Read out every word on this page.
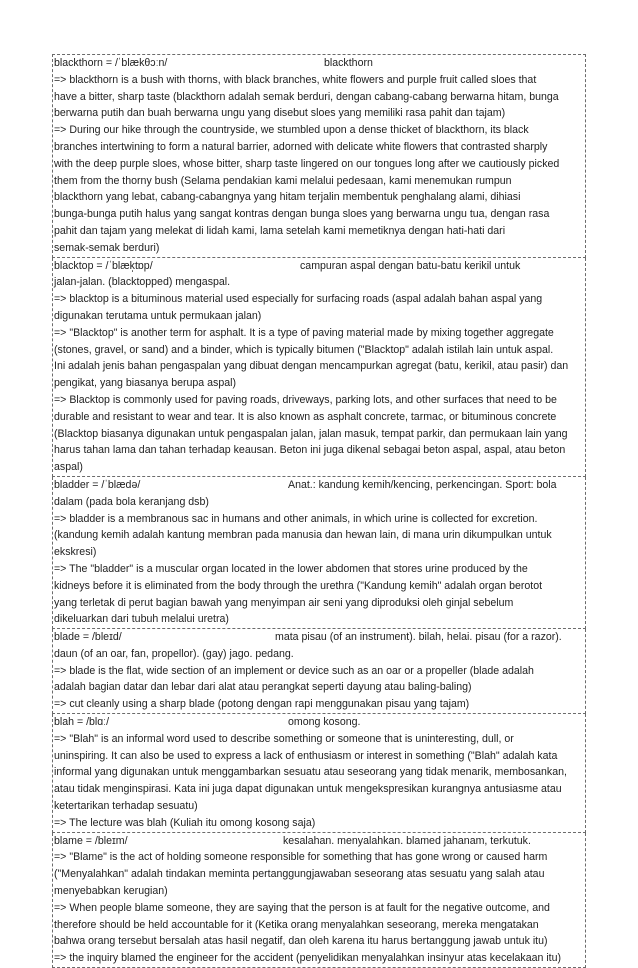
blackthorn = /ˈblækθɔːn/	blackthorn
=> blackthorn is a bush with thorns, with black branches, white flowers and purple fruit called sloes that
have a bitter, sharp taste (blackthorn adalah semak berduri, dengan cabang-cabang berwarna hitam, bunga
berwarna putih dan buah berwarna ungu yang disebut sloes yang memiliki rasa pahit dan tajam)
=> During our hike through the countryside, we stumbled upon a dense thicket of blackthorn, its black
branches intertwining to form a natural barrier, adorned with delicate white flowers that contrasted sharply
with the deep purple sloes, whose bitter, sharp taste lingered on our tongues long after we cautiously picked
them from the thorny bush (Selama pendakian kami melalui pedesaan, kami menemukan rumpun
blackthorn yang lebat, cabang-cabangnya yang hitam terjalin membentuk penghalang alami, dihiasi
bunga-bunga putih halus yang sangat kontras dengan bunga sloes yang berwarna ungu tua, dengan rasa
pahit dan tajam yang melekat di lidah kami, lama setelah kami memetiknya dengan hati-hati dari
semak-semak berduri)
blacktop = /ˈblæk̩tɒp/	campuran aspal dengan batu-batu kerikil untuk
jalan-jalan. (blacktopped) mengaspal.
=> blacktop is a bituminous material used especially for surfacing roads (aspal adalah bahan aspal yang
digunakan terutama untuk permukaan jalan)
=> "Blacktop" is another term for asphalt. It is a type of paving material made by mixing together aggregate
(stones, gravel, or sand) and a binder, which is typically bitumen ("Blacktop" adalah istilah lain untuk aspal.
Ini adalah jenis bahan pengaspalan yang dibuat dengan mencampurkan agregat (batu, kerikil, atau pasir) dan
pengikat, yang biasanya berupa aspal)
=> Blacktop is commonly used for paving roads, driveways, parking lots, and other surfaces that need to be
durable and resistant to wear and tear. It is also known as asphalt concrete, tarmac, or bituminous concrete
(Blacktop biasanya digunakan untuk pengaspalan jalan, jalan masuk, tempat parkir, dan permukaan lain yang
harus tahan lama dan tahan terhadap keausan. Beton ini juga dikenal sebagai beton aspal, aspal, atau beton
aspal)
bladder = /ˈblædə/	Anat.: kandung kemih/kencing, perkencingan. Sport: bola
dalam (pada bola keranjang dsb)
=> bladder is a membranous sac in humans and other animals, in which urine is collected for excretion.
(kandung kemih adalah kantung membran pada manusia dan hewan lain, di mana urin dikumpulkan untuk
ekskresi)
=> The "bladder" is a muscular organ located in the lower abdomen that stores urine produced by the
kidneys before it is eliminated from the body through the urethra ("Kandung kemih" adalah organ berotot
yang terletak di perut bagian bawah yang menyimpan air seni yang diproduksi oleh ginjal sebelum
dikeluarkan dari tubuh melalui uretra)
blade = /bleɪd/	mata pisau (of an instrument). bilah, helai. pisau (for a razor).
daun (of an oar, fan, propellor). (gay) jago. pedang.
=> blade is the flat, wide section of an implement or device such as an oar or a propeller (blade adalah
adalah bagian datar dan lebar dari alat atau perangkat seperti dayung atau baling-baling)
=> cut cleanly using a sharp blade (potong dengan rapi menggunakan pisau yang tajam)
blah = /blɑː/	omong kosong.
=> "Blah" is an informal word used to describe something or someone that is uninteresting, dull, or
uninspiring. It can also be used to express a lack of enthusiasm or interest in something ("Blah" adalah kata
informal yang digunakan untuk menggambarkan sesuatu atau seseorang yang tidak menarik, membosankan,
atau tidak menginspirasi. Kata ini juga dapat digunakan untuk mengekspresikan kurangnya antusiasme atau
ketertarikan terhadap sesuatu)
=> The lecture was blah (Kuliah itu omong kosong saja)
blame = /bleɪm/	kesalahan. menyalahkan. blamed jahanam, terkutuk.
=> "Blame" is the act of holding someone responsible for something that has gone wrong or caused harm
("Menyalahkan" adalah tindakan meminta pertanggungjawaban seseorang atas sesuatu yang salah atau
menyebabkan kerugian)
=> When people blame someone, they are saying that the person is at fault for the negative outcome, and
therefore should be held accountable for it (Ketika orang menyalahkan seseorang, mereka mengatakan
bahwa orang tersebut bersalah atas hasil negatif, dan oleh karena itu harus bertanggung jawab untuk itu)
=> the inquiry blamed the engineer for the accident (penyelidikan menyalahkan insinyur atas kecelakaan itu)
